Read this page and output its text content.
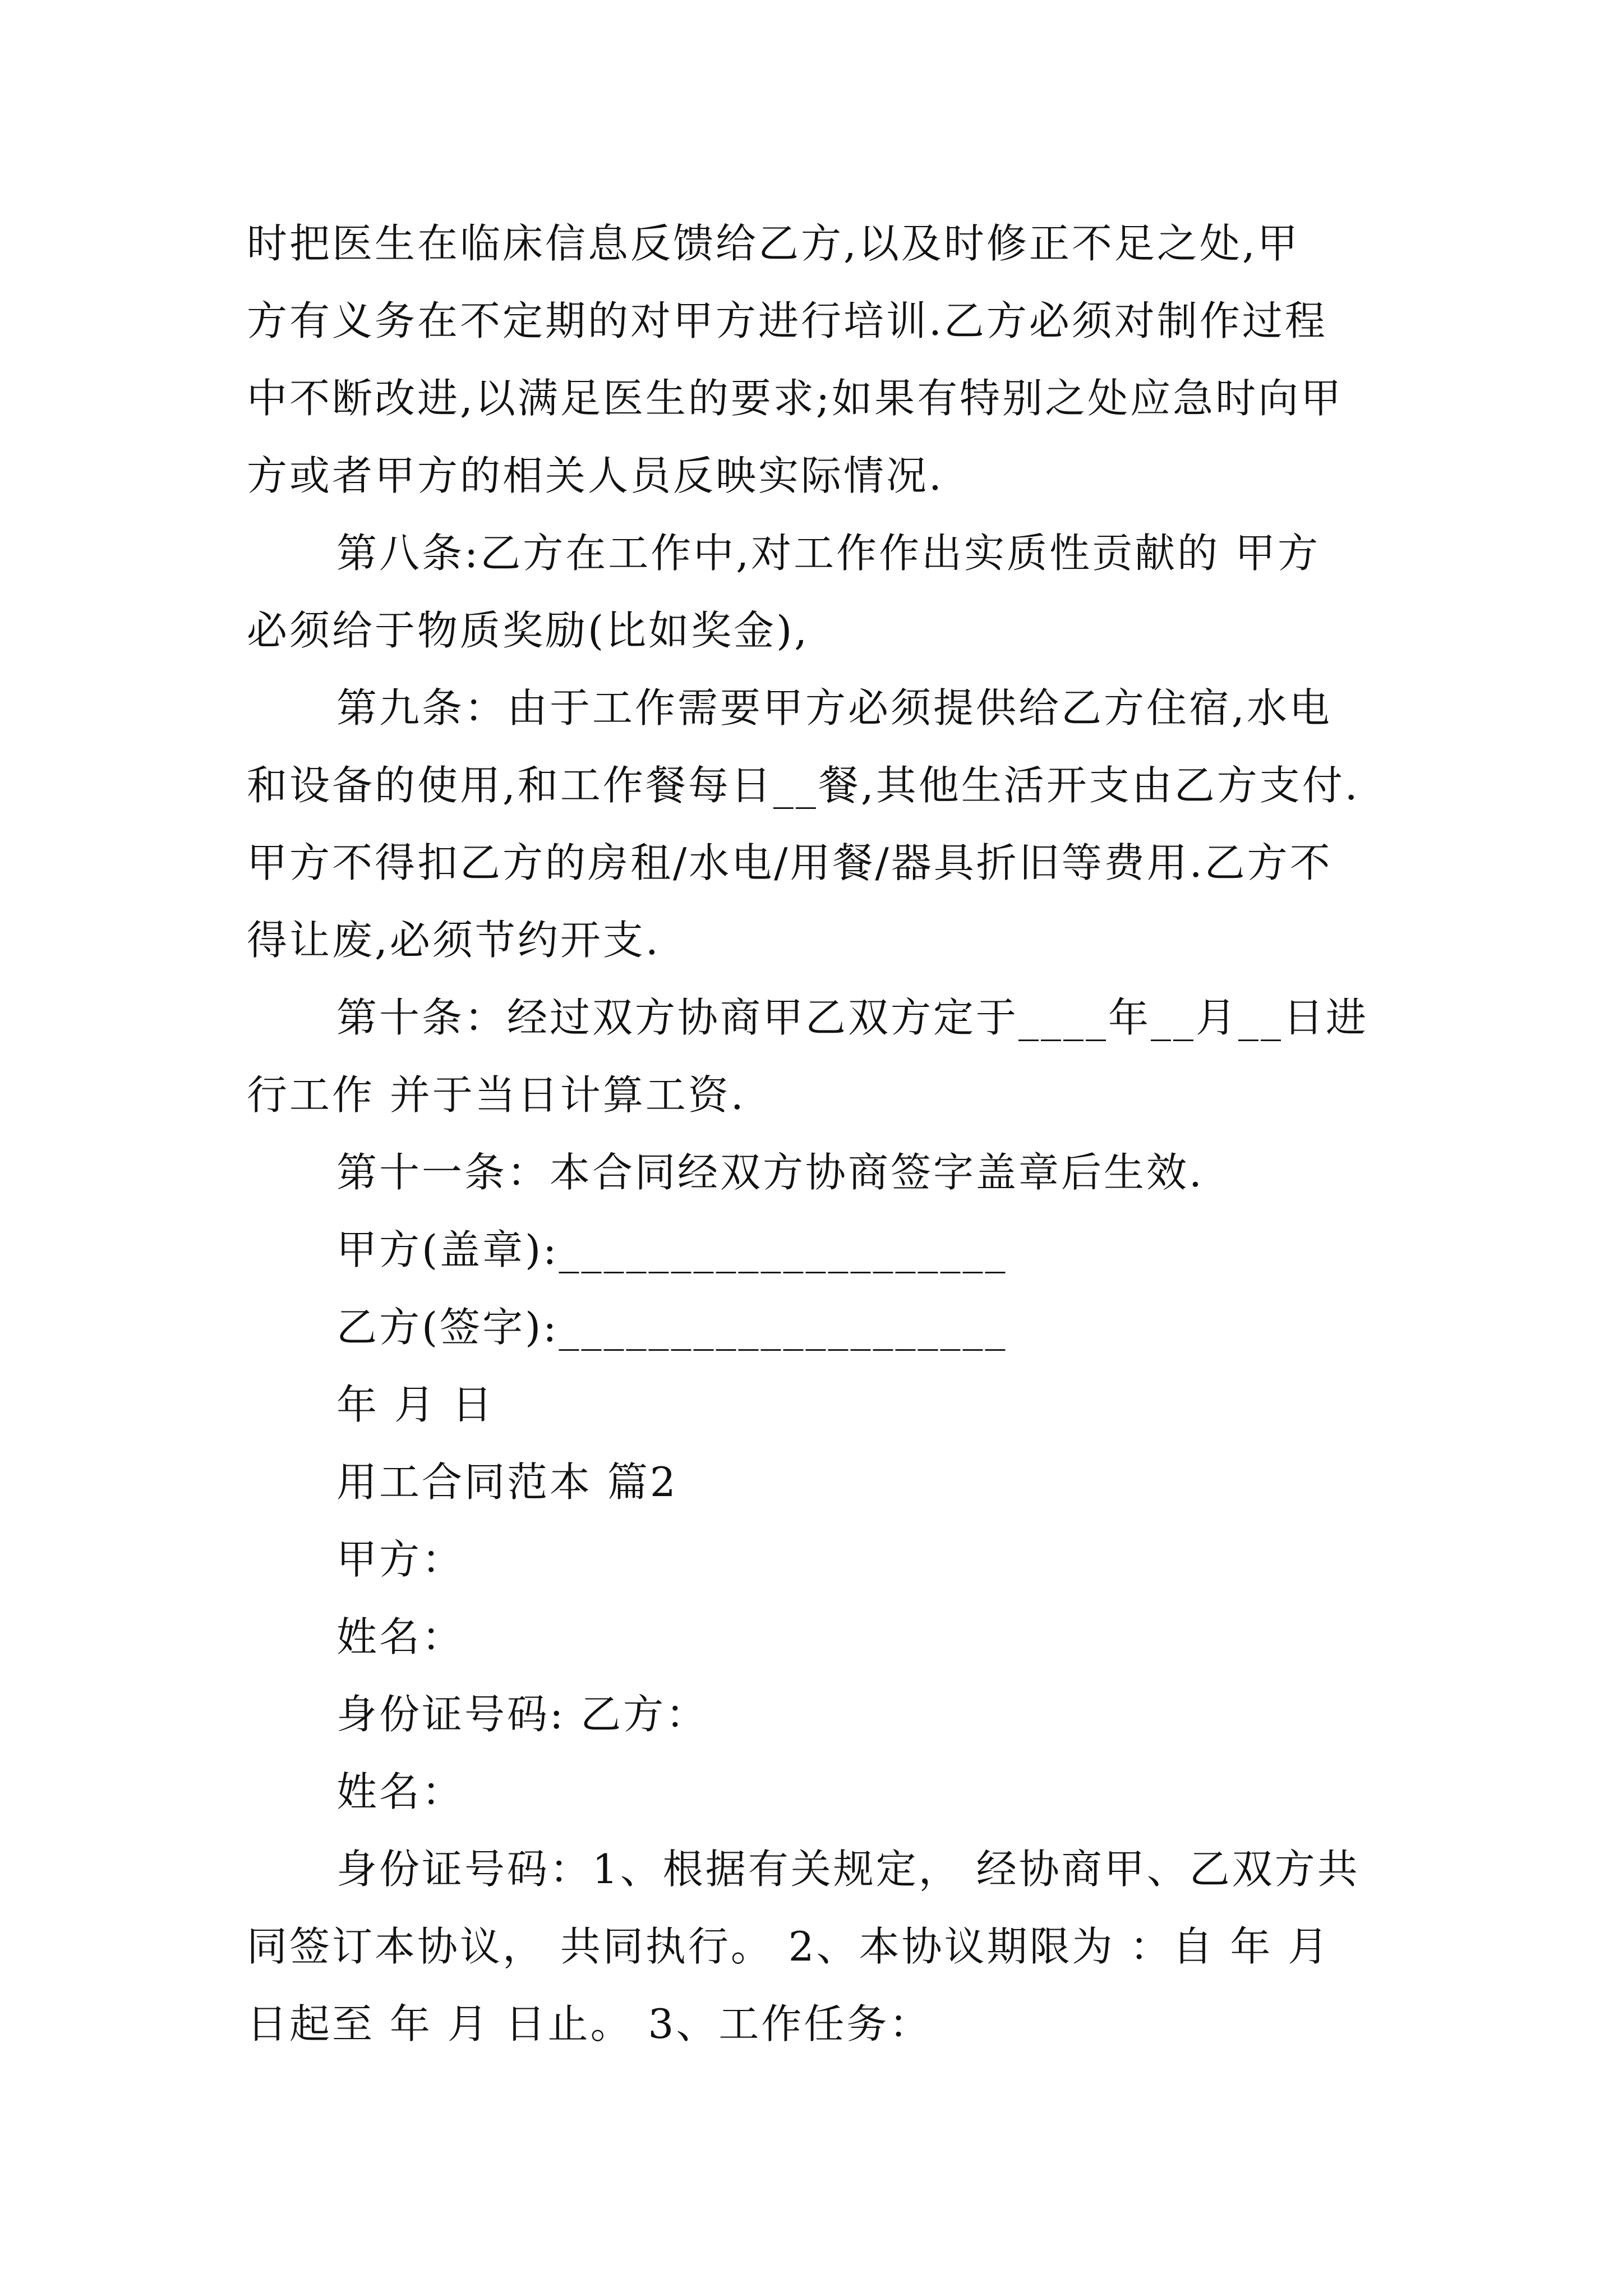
时把医生在临床信息反馈给乙方,以及时修正不足之处,甲
方有义务在不定期的对甲方进行培训.乙方必须对制作过程
中不断改进,以满足医生的要求;如果有特别之处应急时向甲
方或者甲方的相关人员反映实际情况.
第八条:乙方在工作中,对工作作出实质性贡献的 甲方
必须给于物质奖励(比如奖金),
第九条：由于工作需要甲方必须提供给乙方住宿,水电
和设备的使用,和工作餐每日__餐,其他生活开支由乙方支付.
甲方不得扣乙方的房租/水电/用餐/器具折旧等费用.乙方不
得让废,必须节约开支.
第十条：经过双方协商甲乙双方定于____年__月__日进
行工作 并于当日计算工资.
第十一条：本合同经双方协商签字盖章后生效.
甲方(盖章):____________________
乙方(签字):____________________
年 月 日
用工合同范本 篇2
甲方：
姓名：
身份证号码: 乙方：
姓名：
身份证号码：1、根据有关规定， 经协商甲、乙双方共
同签订本协议， 共同执行。 2、本协议期限为 ：自 年 月
日起至 年 月 日止。 3、工作任务：
